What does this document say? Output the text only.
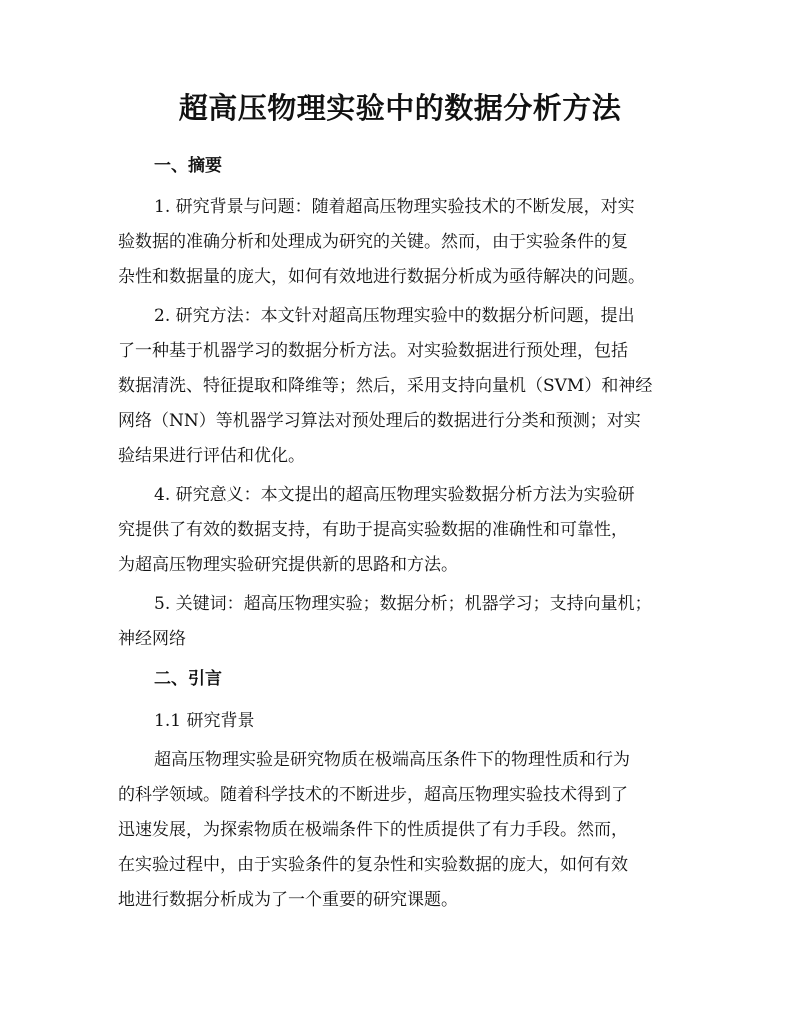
超高压物理实验中的数据分析方法
一、摘要

1. 研究背景与问题：随着超高压物理实验技术的不断发展，对实
验数据的准确分析和处理成为研究的关键。然而，由于实验条件的复
杂性和数据量的庞大，如何有效地进行数据分析成为亟待解决的问题。

2. 研究方法：本文针对超高压物理实验中的数据分析问题，提出
了一种基于机器学习的数据分析方法。对实验数据进行预处理，包括
数据清洗、特征提取和降维等；然后，采用支持向量机（SVM）和神经
网络（NN）等机器学习算法对预处理后的数据进行分类和预测；对实
验结果进行评估和优化。

4. 研究意义：本文提出的超高压物理实验数据分析方法为实验研
究提供了有效的数据支持，有助于提高实验数据的准确性和可靠性，
为超高压物理实验研究提供新的思路和方法。

5. 关键词：超高压物理实验；数据分析；机器学习；支持向量机；
神经网络

二、引言
1.1 研究背景

超高压物理实验是研究物质在极端高压条件下的物理性质和行为
的科学领域。随着科学技术的不断进步，超高压物理实验技术得到了
迅速发展，为探索物质在极端条件下的性质提供了有力手段。然而，
在实验过程中，由于实验条件的复杂性和实验数据的庞大，如何有效
地进行数据分析成为了一个重要的研究课题。
